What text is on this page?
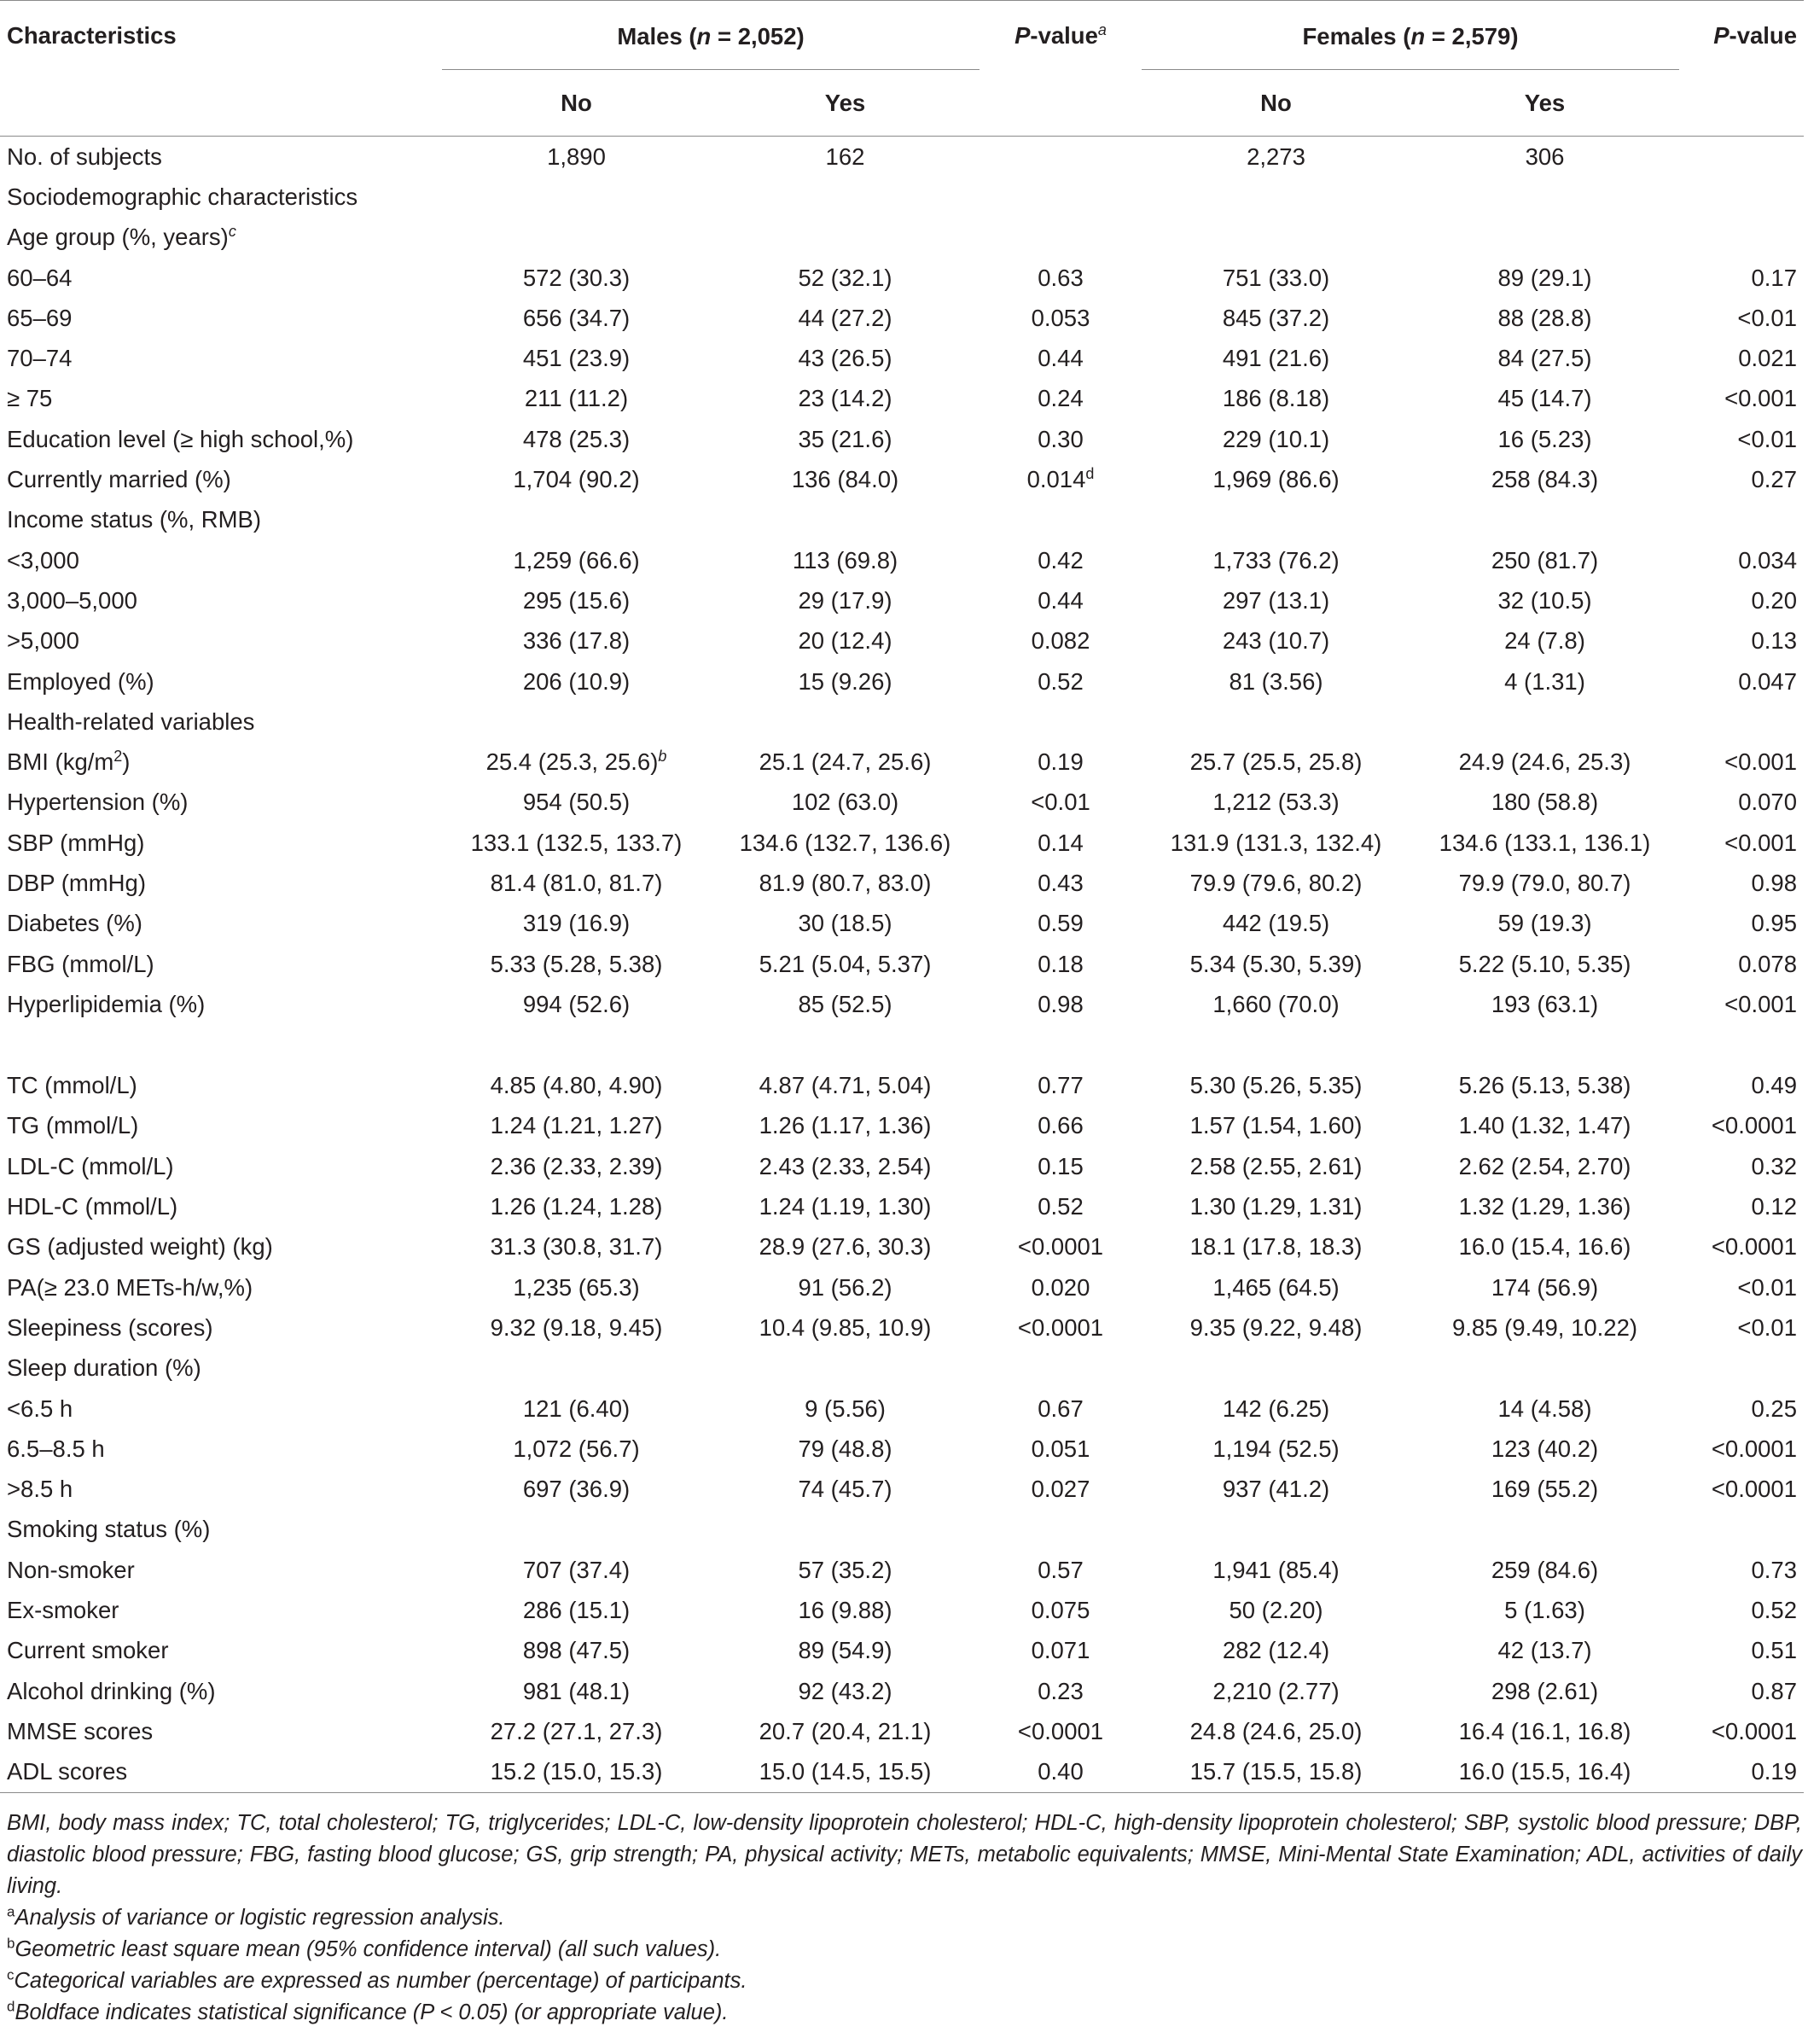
Characteristics	Males (n = 2,052)		P-value$^a$	Females (n = 2,579)		P-value
	No	Yes		No	Yes	
No. of subjects	1,890	162		2,273	306	
Sociodemographic characteristics						
Age group (%, years)$^c$						
60–64	572 (30.3)	52 (32.1)	0.63	751 (33.0)	89 (29.1)	0.17
65–69	656 (34.7)	44 (27.2)	0.053	845 (37.2)	88 (28.8)	<0.01
70–74	451 (23.9)	43 (26.5)	0.44	491 (21.6)	84 (27.5)	0.021
≥ 75	211 (11.2)	23 (14.2)	0.24	186 (8.18)	45 (14.7)	<0.001
Education level (≥ high school,%)	478 (25.3)	35 (21.6)	0.30	229 (10.1)	16 (5.23)	<0.01
Currently married (%)	1,704 (90.2)	136 (84.0)	0.014$^d$	1,969 (86.6)	258 (84.3)	0.27
Income status (%, RMB)						
<3,000	1,259 (66.6)	113 (69.8)	0.42	1,733 (76.2)	250 (81.7)	0.034
3,000–5,000	295 (15.6)	29 (17.9)	0.44	297 (13.1)	32 (10.5)	0.20
>5,000	336 (17.8)	20 (12.4)	0.082	243 (10.7)	24 (7.8)	0.13
Employed (%)	206 (10.9)	15 (9.26)	0.52	81 (3.56)	4 (1.31)	0.047
Health-related variables						
BMI $(kg/m^2)$	25.4 (25.3, 25.6)$^b$	25.1 (24.7, 25.6)	0.19	25.7 (25.5, 25.8)	24.9 (24.6, 25.3)	<0.001
Hypertension (%)	954 (50.5)	102 (63.0)	<0.01	1,212 (53.3)	180 (58.8)	0.070
SBP (mmHg)	133.1 (132.5, 133.7)	134.6 (132.7, 136.6)	0.14	131.9 (131.3, 132.4)	134.6 (133.1, 136.1)	<0.001
DBP (mmHg)	81.4 (81.0, 81.7)	81.9 (80.7, 83.0)	0.43	79.9 (79.6, 80.2)	79.9 (79.0, 80.7)	0.98
Diabetes (%)	319 (16.9)	30 (18.5)	0.59	442 (19.5)	59 (19.3)	0.95
FBG (mmol/L)	5.33 (5.28, 5.38)	5.21 (5.04, 5.37)	0.18	5.34 (5.30, 5.39)	5.22 (5.10, 5.35)	0.078
Hyperlipidemia (%)	994 (52.6)	85 (52.5)	0.98	1,660 (70.0)	193 (63.1)	<0.001

TC (mmol/L)	4.85 (4.80, 4.90)	4.87 (4.71, 5.04)	0.77	5.30 (5.26, 5.35)	5.26 (5.13, 5.38)	0.49
TG (mmol/L)	1.24 (1.21, 1.27)	1.26 (1.17, 1.36)	0.66	1.57 (1.54, 1.60)	1.40 (1.32, 1.47)	<0.0001
LDL-C (mmol/L)	2.36 (2.33, 2.39)	2.43 (2.33, 2.54)	0.15	2.58 (2.55, 2.61)	2.62 (2.54, 2.70)	0.32
HDL-C (mmol/L)	1.26 (1.24, 1.28)	1.24 (1.19, 1.30)	0.52	1.30 (1.29, 1.31)	1.32 (1.29, 1.36)	0.12
GS (adjusted weight) (kg)	31.3 (30.8, 31.7)	28.9 (27.6, 30.3)	<0.0001	18.1 (17.8, 18.3)	16.0 (15.4, 16.6)	<0.0001
PA(≥ 23.0 METs-h/w,%)	1,235 (65.3)	91 (56.2)	0.020	1,465 (64.5)	174 (56.9)	<0.01
Sleepiness (scores)	9.32 (9.18, 9.45)	10.4 (9.85, 10.9)	<0.0001	9.35 (9.22, 9.48)	9.85 (9.49, 10.22)	<0.01
Sleep duration (%)						
<6.5 h	121 (6.40)	9 (5.56)	0.67	142 (6.25)	14 (4.58)	0.25
6.5–8.5 h	1,072 (56.7)	79 (48.8)	0.051	1,194 (52.5)	123 (40.2)	<0.0001
>8.5 h	697 (36.9)	74 (45.7)	0.027	937 (41.2)	169 (55.2)	<0.0001
Smoking status (%)						
Non-smoker	707 (37.4)	57 (35.2)	0.57	1,941 (85.4)	259 (84.6)	0.73
Ex-smoker	286 (15.1)	16 (9.88)	0.075	50 (2.20)	5 (1.63)	0.52
Current smoker	898 (47.5)	89 (54.9)	0.071	282 (12.4)	42 (13.7)	0.51
Alcohol drinking (%)	981 (48.1)	92 (43.2)	0.23	2,210 (2.77)	298 (2.61)	0.87
MMSE scores	27.2 (27.1, 27.3)	20.7 (20.4, 21.1)	<0.0001	24.8 (24.6, 25.0)	16.4 (16.1, 16.8)	<0.0001
ADL scores	15.2 (15.0, 15.3)	15.0 (14.5, 15.5)	0.40	15.7 (15.5, 15.8)	16.0 (15.5, 16.4)	0.19

BMI, body mass index; TC, total cholesterol; TG, triglycerides; LDL-C, low-density lipoprotein cholesterol; HDL-C, high-density lipoprotein cholesterol; SBP, systolic blood pressure; DBP, diastolic blood pressure; FBG, fasting blood glucose; GS, grip strength; PA, physical activity; METs, metabolic equivalents; MMSE, Mini-Mental State Examination; ADL, activities of daily living.

$^a$Analysis of variance or logistic regression analysis.

$^b$Geometric least square mean (95% confidence interval) (all such values).

$^c$Categorical variables are expressed as number (percentage) of participants.

$^d$Boldface indicates statistical significance (P < 0.05) (or appropriate value).
